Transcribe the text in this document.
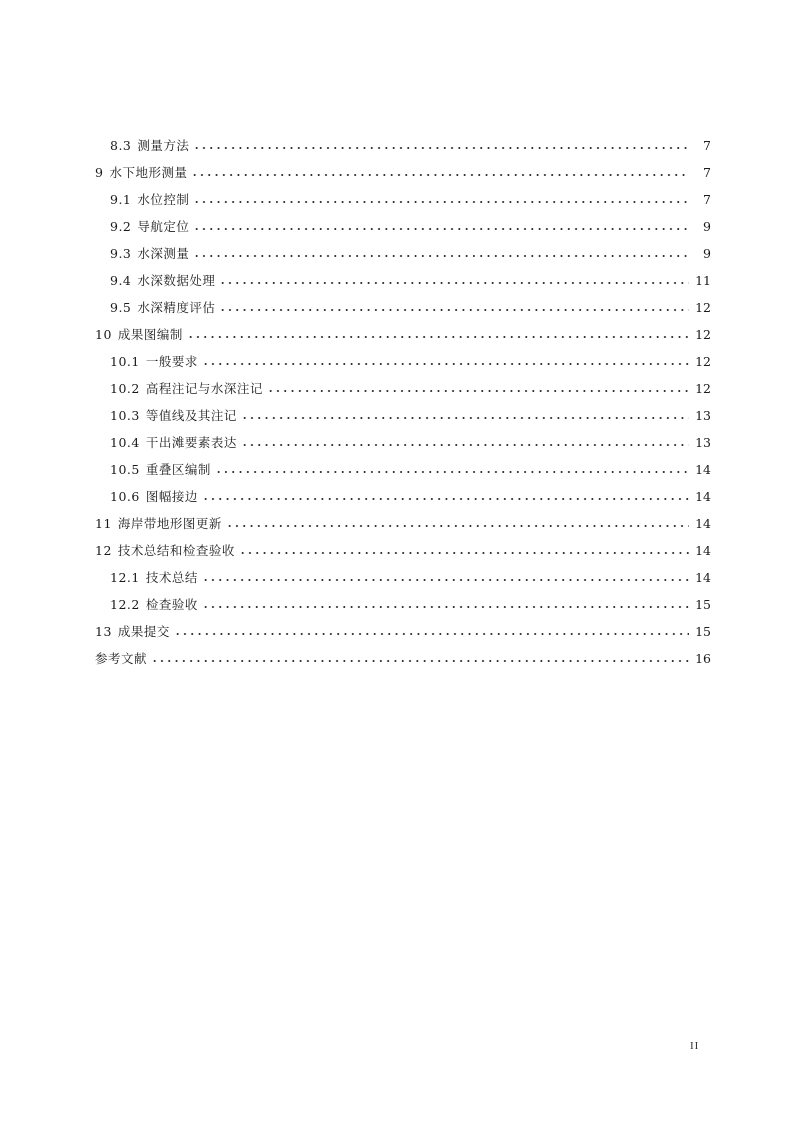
8.3 测量方法	7
9 水下地形测量	7
9.1 水位控制	7
9.2 导航定位	9
9.3 水深测量	9
9.4 水深数据处理	11
9.5 水深精度评估	12
10 成果图编制	12
10.1 一般要求	12
10.2 高程注记与水深注记	12
10.3 等值线及其注记	13
10.4 干出滩要素表达	13
10.5 重叠区编制	14
10.6 图幅接边	14
11 海岸带地形图更新	14
12 技术总结和检查验收	14
12.1 技术总结	14
12.2 检查验收	15
13 成果提交	15
参考文献	16
II
